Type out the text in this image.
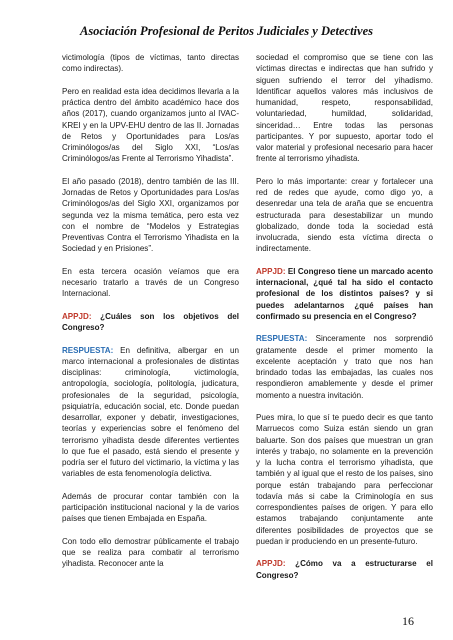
Asociación Profesional de Peritos Judiciales y Detectives

victimología (tipos de víctimas, tanto directas como indirectas).

Pero en realidad esta idea decidimos llevarla a la práctica dentro del ámbito académico hace dos años (2017), cuando organizamos junto al IVAC-KREI y en la UPV-EHU dentro de las II. Jornadas de Retos y Oportunidades para Los/as Criminólogos/as del Siglo XXI, “Los/as Criminólogos/as Frente al Terrorismo Yihadista”.

El año pasado (2018), dentro también de las III. Jornadas de Retos y Oportunidades para Los/as Criminólogos/as del Siglo XXI, organizamos por segunda vez la misma temática, pero esta vez con el nombre de “Modelos y Estrategias Preventivas Contra el Terrorismo Yihadista en la Sociedad y en Prisiones”.

En esta tercera ocasión veíamos que era necesario tratarlo a través de un Congreso Internacional.

APPJD: ¿Cuáles son los objetivos del Congreso?

RESPUESTA: En definitiva, albergar en un marco internacional a profesionales de distintas disciplinas: criminología, victimología, antropología, sociología, politología, judicatura, profesionales de la seguridad, psicología, psiquiatría, educación social, etc. Donde puedan desarrollar, exponer y debatir, investigaciones, teorías y experiencias sobre el fenómeno del terrorismo yihadista desde diferentes vertientes lo que fue el pasado, está siendo el presente y podría ser el futuro del victimario, la víctima y las variables de esta fenomenología delictiva.

Además de procurar contar también con la participación institucional nacional y la de varios países que tienen Embajada en España.

Con todo ello demostrar públicamente el trabajo que se realiza para combatir al terrorismo yihadista. Reconocer ante la

sociedad el compromiso que se tiene con las víctimas directas e indirectas que han sufrido y siguen sufriendo el terror del yihadismo. Identificar aquellos valores más inclusivos de humanidad, respeto, responsabilidad, voluntariedad, humildad, solidaridad, sinceridad… Entre todas las personas participantes. Y por supuesto, aportar todo el valor material y profesional necesario para hacer frente al terrorismo yihadista.

Pero lo más importante: crear y fortalecer una red de redes que ayude, como digo yo, a desenredar una tela de araña que se encuentra estructurada para desestabilizar un mundo globalizado, donde toda la sociedad está involucrada, siendo esta víctima directa o indirectamente.

APPJD: El Congreso tiene un marcado acento internacional, ¿qué tal ha sido el contacto profesional de los distintos países? y si puedes adelantarnos ¿qué países han confirmado su presencia en el Congreso?

RESPUESTA: Sinceramente nos sorprendió gratamente desde el primer momento la excelente aceptación y trato que nos han brindado todas las embajadas, las cuales nos respondieron amablemente y desde el primer momento a nuestra invitación.

Pues mira, lo que sí te puedo decir es que tanto Marruecos como Suiza están siendo un gran baluarte. Son dos países que muestran un gran interés y trabajo, no solamente en la prevención y la lucha contra el terrorismo yihadista, que también y al igual que el resto de los países, sino porque están trabajando para perfeccionar todavía más si cabe la Criminología en sus correspondientes países de origen. Y para ello estamos trabajando conjuntamente ante diferentes posibilidades de proyectos que se puedan ir produciendo en un presente-futuro.

APPJD: ¿Cómo va a estructurarse el Congreso?

16
